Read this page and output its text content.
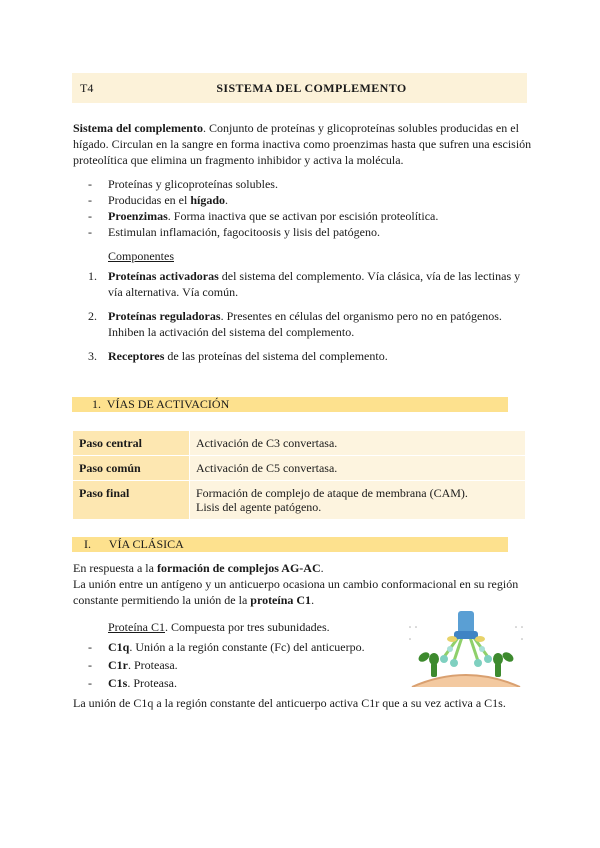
T4	SISTEMA DEL COMPLEMENTO
Sistema del complemento. Conjunto de proteínas y glicoproteínas solubles producidas en el hígado. Circulan en la sangre en forma inactiva como proenzimas hasta que sufren una escisión proteolítica que elimina un fragmento inhibidor y activa la molécula.
- Proteínas y glicoproteínas solubles.
- Producidas en el hígado.
- Proenzimas. Forma inactiva que se activan por escisión proteolítica.
- Estimulan inflamación, fagocitoosis y lisis del patógeno.
Componentes
1. Proteínas activadoras del sistema del complemento. Vía clásica, vía de las lectinas y vía alternativa. Vía común.
2. Proteínas reguladoras. Presentes en células del organismo pero no en patógenos. Inhiben la activación del sistema del complemento.
3. Receptores de las proteínas del sistema del complemento.
1.  VÍAS DE ACTIVACIÓN
Paso central	Activación de C3 convertasa.
Paso común	Activación de C5 convertasa.
Paso final	Formación de complejo de ataque de membrana (CAM).
Lisis del agente patógeno.
I.      VÍA CLÁSICA
En respuesta a la formación de complejos AG-AC.
La unión entre un antígeno y un anticuerpo ocasiona un cambio conformacional en su región constante permitiendo la unión de la proteína C1.
Proteína C1. Compuesta por tres subunidades.
- C1q. Unión a la región constante (Fc) del anticuerpo.
- C1r. Proteasa.
- C1s. Proteasa.
La unión de C1q a la región constante del anticuerpo activa C1r que a su vez activa a C1s.
